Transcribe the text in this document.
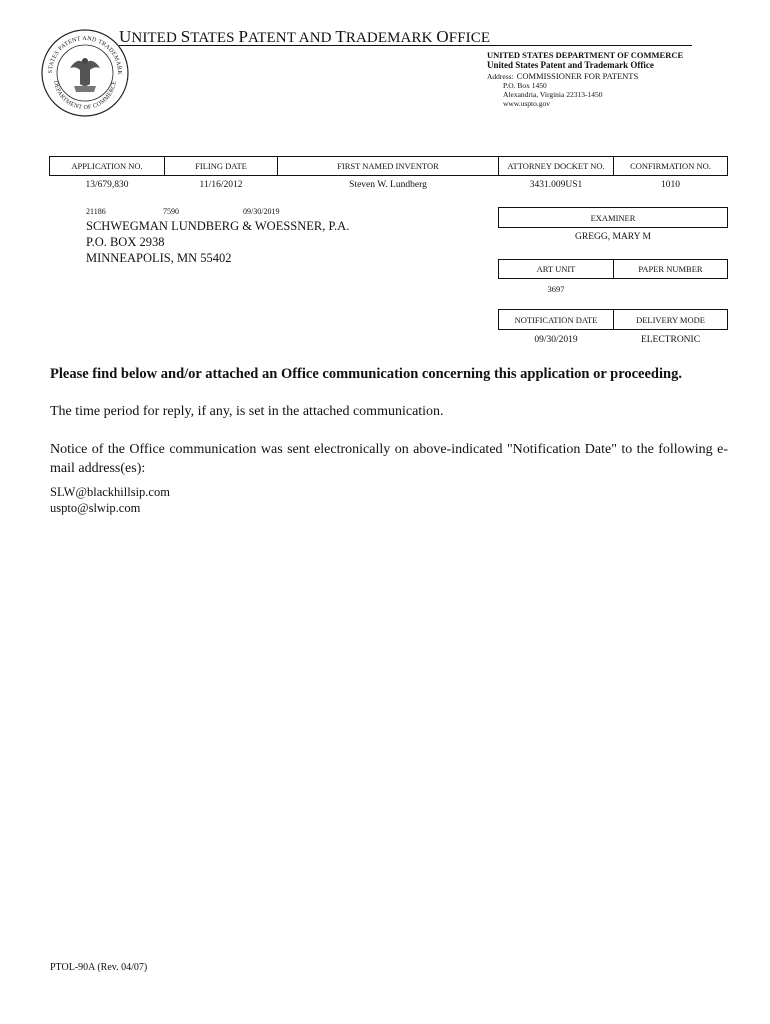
STATES PATENT AND TRADEMARK
DEPARTMENT OF COMMERCE
UNITED STATES PATENT AND TRADEMARK OFFICE
UNITED STATES DEPARTMENT OF COMMERCE
United States Patent and Trademark Office
Address: COMMISSIONER FOR PATENTS
P.O. Box 1450
Alexandria, Virginia 22313-1450
www.uspto.gov
APPLICATION NO.	FILING DATE	FIRST NAMED INVENTOR	ATTORNEY DOCKET NO.	CONFIRMATION NO.
13/679,830	11/16/2012	Steven W. Lundberg	3431.009US1	1010
21186	7590	09/30/2019
SCHWEGMAN LUNDBERG & WOESSNER, P.A.
P.O. BOX 2938
MINNEAPOLIS, MN 55402
EXAMINER
GREGG, MARY M
ART UNIT	PAPER NUMBER
3697
NOTIFICATION DATE	DELIVERY MODE
09/30/2019	ELECTRONIC
Please find below and/or attached an Office communication concerning this application or proceeding.
The time period for reply, if any, is set in the attached communication.
Notice of the Office communication was sent electronically on above-indicated "Notification Date" to the following e-mail address(es):
SLW@blackhillsip.com
uspto@slwip.com
PTOL-90A (Rev. 04/07)
